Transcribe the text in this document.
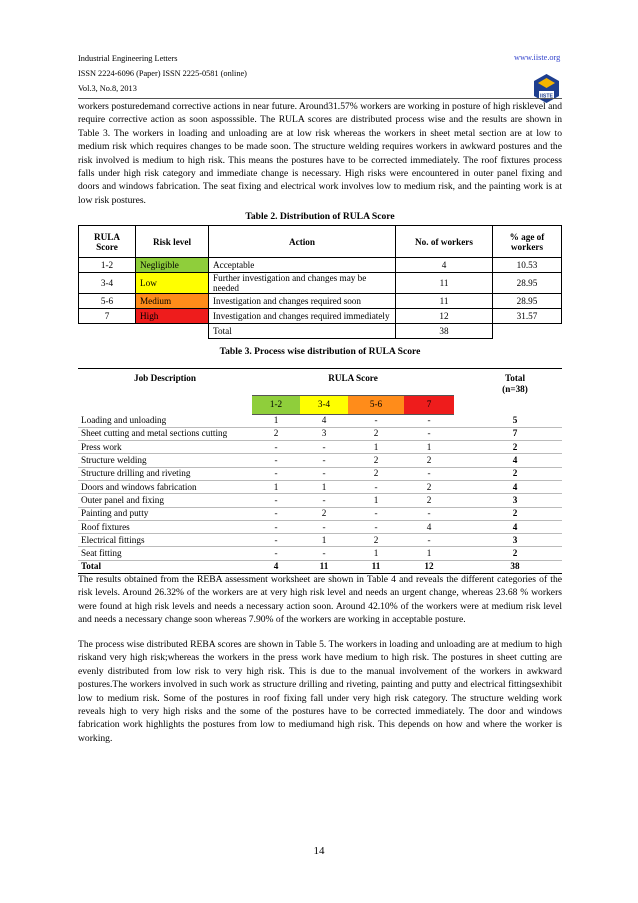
Industrial Engineering Letters
ISSN 2224-6096 (Paper) ISSN 2225-0581 (online)
Vol.3, No.8, 2013
www.iiste.org
IISTE

workers posturedemand corrective actions in near future. Around31.57% workers are working in posture of high risklevel and require corrective action as soon asposssible. The RULA scores are distributed process wise and the results are shown in Table 3. The workers in loading and unloading are at low risk whereas the workers in sheet metal section are at low to medium risk which requires changes to be made soon. The structure welding requires workers in awkward postures and the risk involved is medium to high risk. This means the postures have to be corrected immediately. The roof fixtures process falls under high risk category and immediate change is necessary. High risks were encountered in outer panel fixing and doors and windows fabrication. The seat fixing and electrical work involves low to medium risk, and the painting work is at low risk postures.

Table 2. Distribution of RULA Score
RULA Score	Risk level	Action	No. of workers	% age of workers
1-2	Negligible	Acceptable	4	10.53
3-4	Low	Further investigation and changes may be needed	11	28.95
5-6	Medium	Investigation and changes required soon	11	28.95
7	High	Investigation and changes required immediately	12	31.57
		Total	38	
Table 3. Process wise distribution of RULA Score
Job Description	RULA Score					Total
(n=38)
	1-2	3-4	5-6	7		
Loading and unloading	1	4	-	-		5
Sheet cutting and metal sections cutting	2	3	2	-		7
Press work	-	-	1	1		2
Structure welding	-	-	2	2		4
Structure drilling and riveting	-	-	2	-		2
Doors and windows fabrication	1	1	-	2		4
Outer panel and fixing	-	-	1	2		3
Painting and putty	-	2	-	-		2
Roof fixtures	-	-	-	4		4
Electrical fittings	-	1	2	-		3
Seat fitting	-	-	1	1		2
Total	4	11	11	12		38

The results obtained from the REBA assessment worksheet are shown in Table 4 and reveals the different categories of the risk levels. Around 26.32% of the workers are at very high risk level and needs an urgent change, whereas 23.68 % workers were found at high risk levels and needs a necessary action soon. Around 42.10% of the workers were at medium risk level and needs a necessary change soon whereas 7.90% of the workers are working in acceptable posture.

The process wise distributed REBA scores are shown in Table 5. The workers in loading and unloading are at medium to high riskand very high risk;whereas the workers in the press work have medium to high risk. The postures in sheet cutting are evenly distributed from low risk to very high risk. This is due to the manual involvement of the workers in awkward postures.The workers involved in such work as structure drilling and riveting, painting and putty and electrical fittingsexhibit low to medium risk. Some of the postures in roof fixing fall under very high risk category. The structure welding work reveals high to very high risks and the some of the postures have to be corrected immediately. The door and windows fabrication work highlights the postures from low to mediumand high risk. This depends on how and where the worker is working.

14
